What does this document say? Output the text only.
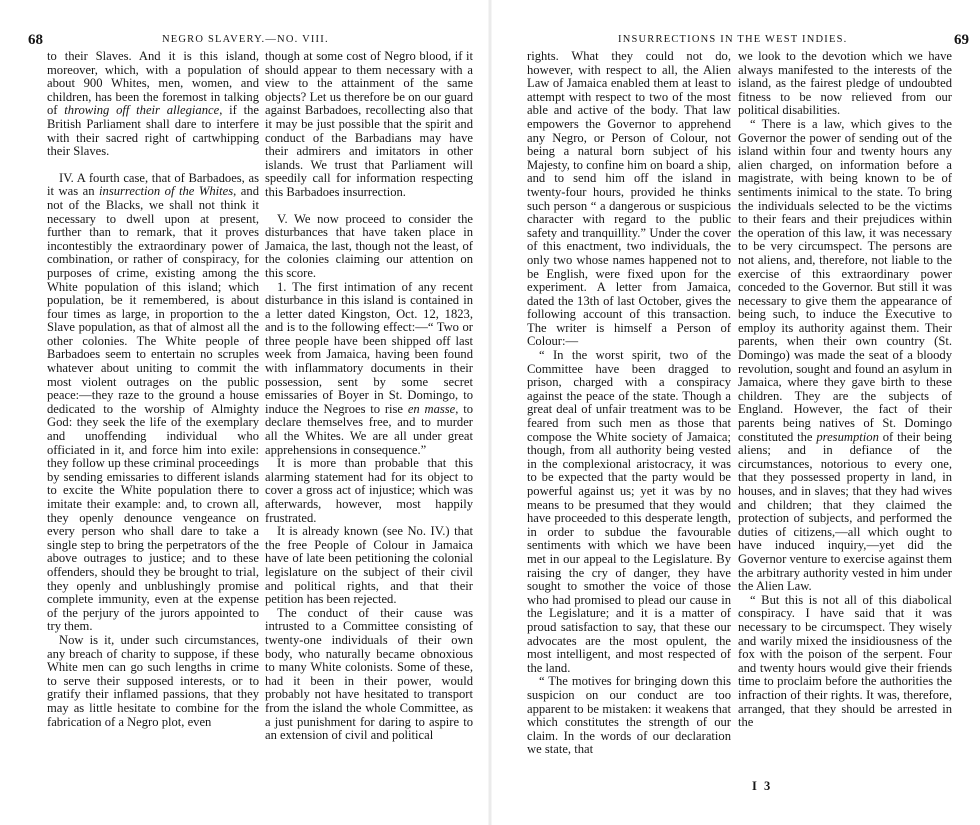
68	NEGRO SLAVERY.—NO. VIII.

to their Slaves. And it is this island, moreover, which, with a population of about 900 Whites, men, women, and children, has been the foremost in talking of throwing off their allegiance, if the British Parliament shall dare to interfere with their sacred right of cartwhipping their Slaves.

IV. A fourth case, that of Barbadoes, as it was an insurrection of the Whites, and not of the Blacks, we shall not think it necessary to dwell upon at present, further than to remark, that it proves incontestibly the extraordinary power of combination, or rather of conspiracy, for purposes of crime, existing among the White population of this island; which population, be it remembered, is about four times as large, in proportion to the Slave population, as that of almost all the other colonies. The White people of Barbadoes seem to entertain no scruples whatever about uniting to commit the most violent outrages on the public peace:—they raze to the ground a house dedicated to the worship of Almighty God: they seek the life of the exemplary and unoffending individual who officiated in it, and force him into exile: they follow up these criminal proceedings by sending emissaries to different islands to excite the White population there to imitate their example: and, to crown all, they openly denounce vengeance on every person who shall dare to take a single step to bring the perpetrators of the above outrages to justice; and to these offenders, should they be brought to trial, they openly and unblushingly promise complete immunity, even at the expense of the perjury of the jurors appointed to try them.

Now is it, under such circumstances, any breach of charity to suppose, if these White men can go such lengths in crime to serve their supposed interests, or to gratify their inflamed passions, that they may as little hesitate to combine for the fabrication of a Negro plot, even

though at some cost of Negro blood, if it should appear to them necessary with a view to the attainment of the same objects? Let us therefore be on our guard against Barbadoes, recollecting also that it may be just possible that the spirit and conduct of the Barbadians may have their admirers and imitators in other islands. We trust that Parliament will speedily call for information respecting this Barbadoes insurrection.

V. We now proceed to consider the disturbances that have taken place in Jamaica, the last, though not the least, of the colonies claiming our attention on this score.

1. The first intimation of any recent disturbance in this island is contained in a letter dated Kingston, Oct. 12, 1823, and is to the following effect:—“ Two or three people have been shipped off last week from Jamaica, having been found with inflammatory documents in their possession, sent by some secret emissaries of Boyer in St. Domingo, to induce the Negroes to rise en masse, to declare themselves free, and to murder all the Whites. We are all under great apprehensions in consequence.”

It is more than probable that this alarming statement had for its object to cover a gross act of injustice; which was afterwards, however, most happily frustrated.

It is already known (see No. IV.) that the free People of Colour in Jamaica have of late been petitioning the colonial legislature on the subject of their civil and political rights, and that their petition has been rejected.

The conduct of their cause was intrusted to a Committee consisting of twenty-one individuals of their own body, who naturally became obnoxious to many White colonists. Some of these, had it been in their power, would probably not have hesitated to transport from the island the whole Committee, as a just punishment for daring to aspire to an extension of civil and political

INSURRECTIONS IN THE WEST INDIES.	69

rights. What they could not do, however, with respect to all, the Alien Law of Jamaica enabled them at least to attempt with respect to two of the most able and active of the body. That law empowers the Governor to apprehend any Negro, or Person of Colour, not being a natural born subject of his Majesty, to confine him on board a ship, and to send him off the island in twenty-four hours, provided he thinks such person “ a dangerous or suspicious character with regard to the public safety and tranquillity.” Under the cover of this enactment, two individuals, the only two whose names happened not to be English, were fixed upon for the experiment. A letter from Jamaica, dated the 13th of last October, gives the following account of this transaction. The writer is himself a Person of Colour:—

“ In the worst spirit, two of the Committee have been dragged to prison, charged with a conspiracy against the peace of the state. Though a great deal of unfair treatment was to be feared from such men as those that compose the White society of Jamaica; though, from all authority being vested in the complexional aristocracy, it was to be expected that the party would be powerful against us; yet it was by no means to be presumed that they would have proceeded to this desperate length, in order to subdue the favourable sentiments with which we have been met in our appeal to the Legislature. By raising the cry of danger, they have sought to smother the voice of those who had promised to plead our cause in the Legislature; and it is a matter of proud satisfaction to say, that these our advocates are the most opulent, the most intelligent, and most respected of the land.

“ The motives for bringing down this suspicion on our conduct are too apparent to be mistaken: it weakens that which constitutes the strength of our claim. In the words of our declaration we state, that

we look to the devotion which we have always manifested to the interests of the island, as the fairest pledge of undoubted fitness to be now relieved from our political disabilities.

“ There is a law, which gives to the Governor the power of sending out of the island within four and twenty hours any alien charged, on information before a magistrate, with being known to be of sentiments inimical to the state. To bring the individuals selected to be the victims to their fears and their prejudices within the operation of this law, it was necessary to be very circumspect. The persons are not aliens, and, therefore, not liable to the exercise of this extraordinary power conceded to the Governor. But still it was necessary to give them the appearance of being such, to induce the Executive to employ its authority against them. Their parents, when their own country (St. Domingo) was made the seat of a bloody revolution, sought and found an asylum in Jamaica, where they gave birth to these children. They are the subjects of England. However, the fact of their parents being natives of St. Domingo constituted the presumption of their being aliens; and in defiance of the circumstances, notorious to every one, that they possessed property in land, in houses, and in slaves; that they had wives and children; that they claimed the protection of subjects, and performed the duties of citizens,—all which ought to have induced inquiry,—yet did the Governor venture to exercise against them the arbitrary authority vested in him under the Alien Law.

“ But this is not all of this diabolical conspiracy. I have said that it was necessary to be circumspect. They wisely and warily mixed the insidiousness of the fox with the poison of the serpent. Four and twenty hours would give their friends time to proclaim before the authorities the infraction of their rights. It was, therefore, arranged, that they should be arrested in the

I 3
